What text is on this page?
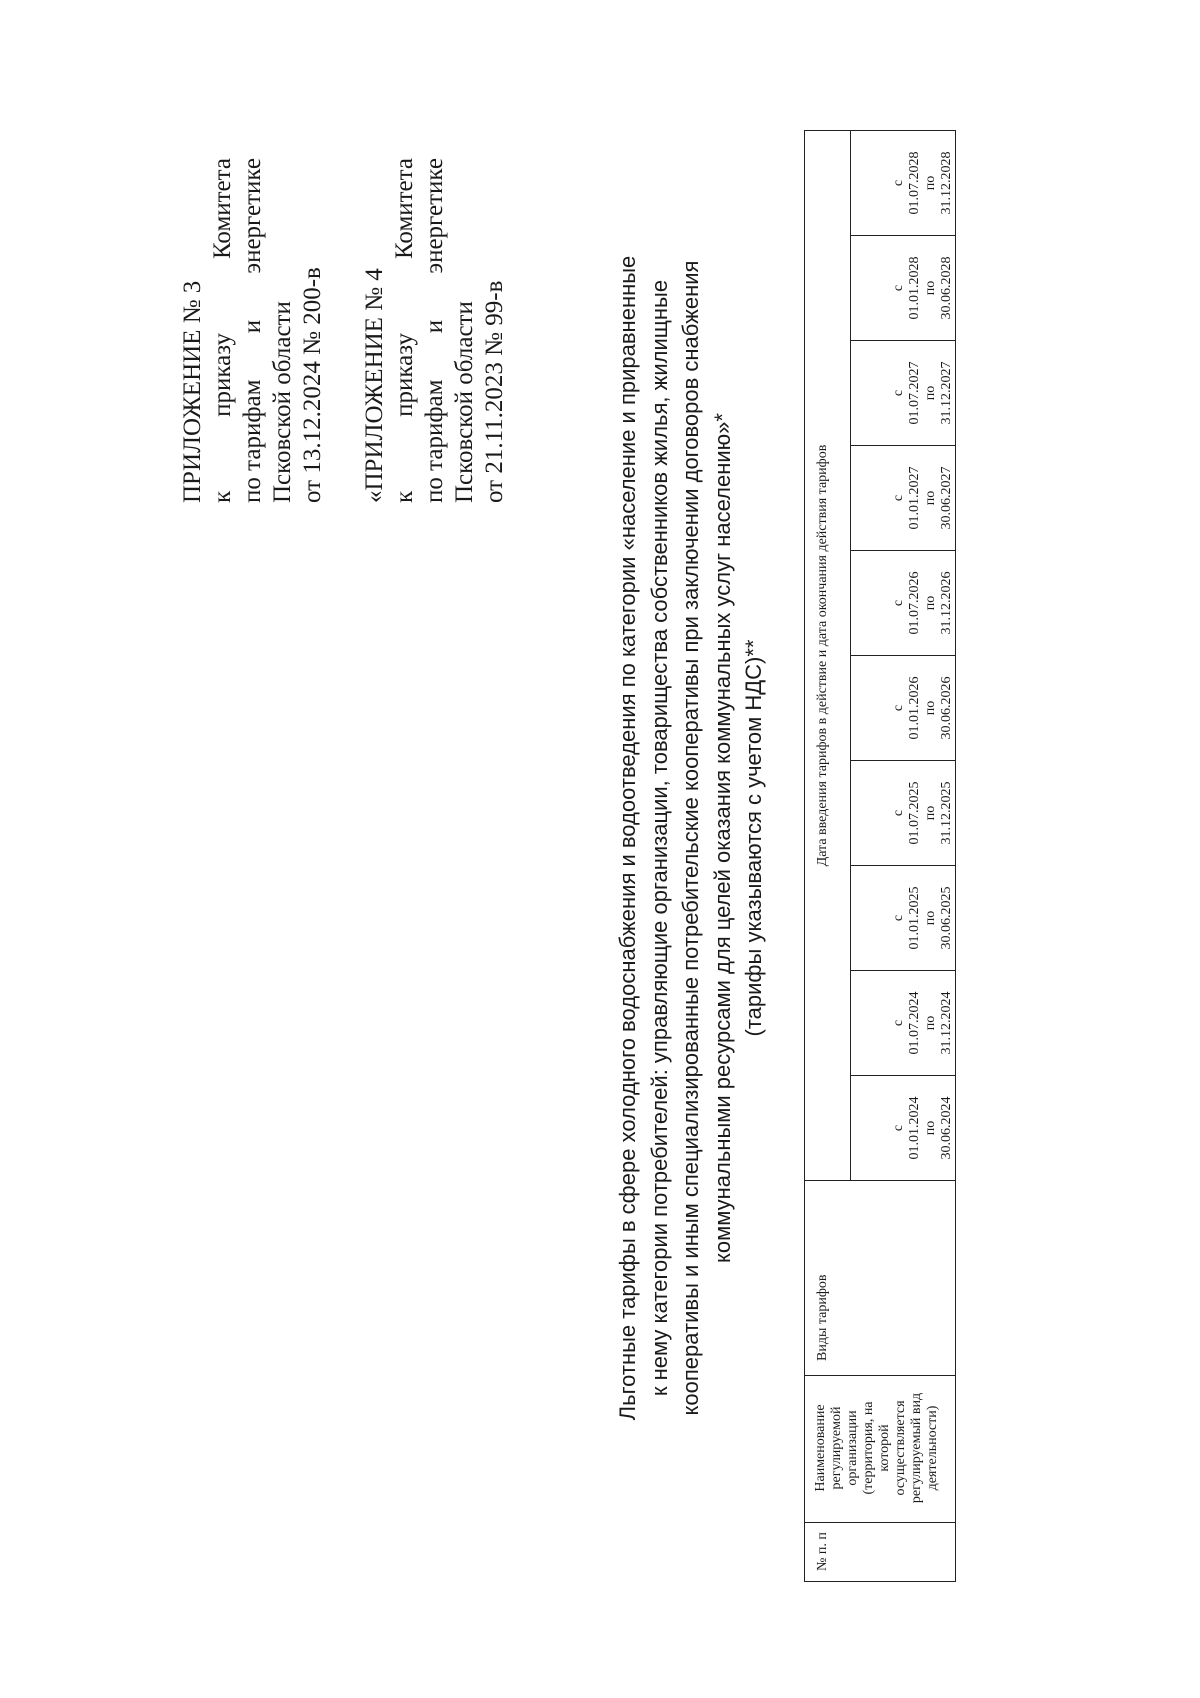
ПРИЛОЖЕНИЕ № 3 к
приказу
Комитета
по тарифам
и
энергетике
Псковской области от 13.12.2024 № 200-в «ПРИЛОЖЕНИЕ № 4 к
приказу
Комитета
по тарифам
и
энергетике
Псковской области от 21.11.2023 № 99-в	Льготные тарифы в сфере холодного водоснабжения и водоотведения по категории «население и приравненные к нему категории потребителей: управляющие организации, товарищества собственников жилья, жилищные кооперативы и иным специализированные потребительские кооперативы при заключении договоров снабжения коммунальными ресурсами для целей оказания коммунальных услуг населению»* (тарифы указываются с учетом НДС)**
№ п. п	Наименование регулируемой организации (территория, на которой осуществляется регулируемый вид деятельности)	Виды тарифов	Дата введения тарифов в действие и дата окончания действия тарифов									

			с 01.01.2024 по 30.06.2024	с 01.07.2024 по 31.12.2024	с 01.01.2025 по 30.06.2025	с 01.07.2025 по 31.12.2025	с 01.01.2026 по 30.06.2026	с 01.07.2026 по 31.12.2026	с 01.01.2027 по 30.06.2027	с 01.07.2027 по 31.12.2027	с 01.01.2028 по 30.06.2028	с 01.07.2028 по 31.12.2028
